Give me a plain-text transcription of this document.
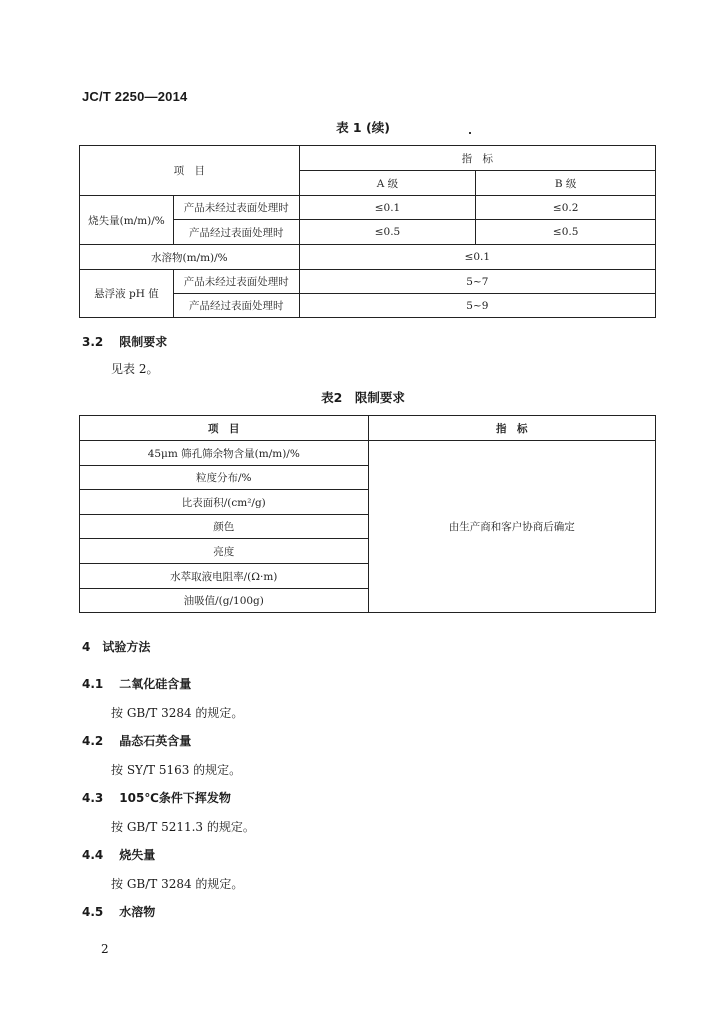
JC/T 2250—2014
表 1 (续)
项　目		指　标	
		A 级	B 级
烧失量(m/m)/%	产品未经过表面处理时	≤0.1	≤0.2
	产品经过表面处理时	≤0.5	≤0.5
水溶物(m/m)/%		≤0.1	
悬浮液 pH 值	产品未经过表面处理时	5~7	
	产品经过表面处理时	5~9	
3.2 限制要求
见表 2。
表2　限制要求
项　目	指　标
45μm 筛孔筛余物含量(m/m)/%	由生产商和客户协商后确定
粒度分布/%	
比表面积/(cm²/g)	
颜色	
亮度	
水萃取液电阻率/(Ω·m)	
油吸值/(g/100g)	
4 试验方法
4.1 二氧化硅含量
按 GB/T 3284 的规定。
4.2 晶态石英含量
按 SY/T 5163 的规定。
4.3 105℃条件下挥发物
按 GB/T 5211.3 的规定。
4.4 烧失量
按 GB/T 3284 的规定。
4.5 水溶物
2
